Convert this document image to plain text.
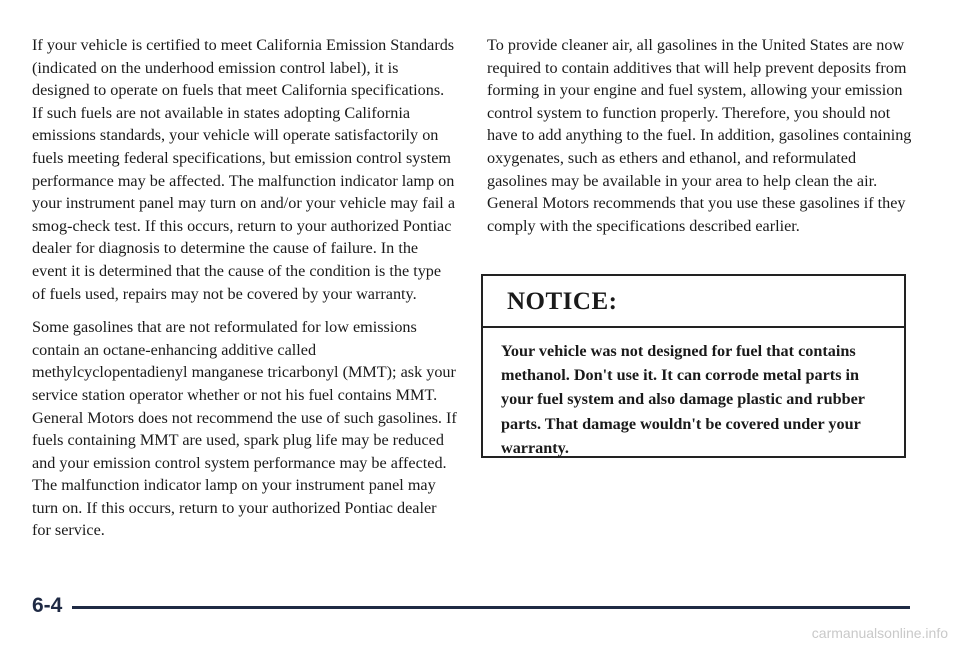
If your vehicle is certified to meet California Emission Standards (indicated on the underhood emission control label), it is designed to operate on fuels that meet California specifications. If such fuels are not available in states adopting California emissions standards, your vehicle will operate satisfactorily on fuels meeting federal specifications, but emission control system performance may be affected. The malfunction indicator lamp on your instrument panel may turn on and/or your vehicle may fail a smog-check test. If this occurs, return to your authorized Pontiac dealer for diagnosis to determine the cause of failure. In the event it is determined that the cause of the condition is the type of fuels used, repairs may not be covered by your warranty.

Some gasolines that are not reformulated for low emissions contain an octane-enhancing additive called methylcyclopentadienyl manganese tricarbonyl (MMT); ask your service station operator whether or not his fuel contains MMT. General Motors does not recommend the use of such gasolines. If fuels containing MMT are used, spark plug life may be reduced and your emission control system performance may be affected. The malfunction indicator lamp on your instrument panel may turn on. If this occurs, return to your authorized Pontiac dealer for service.

To provide cleaner air, all gasolines in the United States are now required to contain additives that will help prevent deposits from forming in your engine and fuel system, allowing your emission control system to function properly. Therefore, you should not have to add anything to the fuel. In addition, gasolines containing oxygenates, such as ethers and ethanol, and reformulated gasolines may be available in your area to help clean the air. General Motors recommends that you use these gasolines if they comply with the specifications described earlier.

NOTICE:
Your vehicle was not designed for fuel that contains methanol. Don't use it. It can corrode metal parts in your fuel system and also damage plastic and rubber parts. That damage wouldn't be covered under your warranty.
6-4
carmanualsonline.info
